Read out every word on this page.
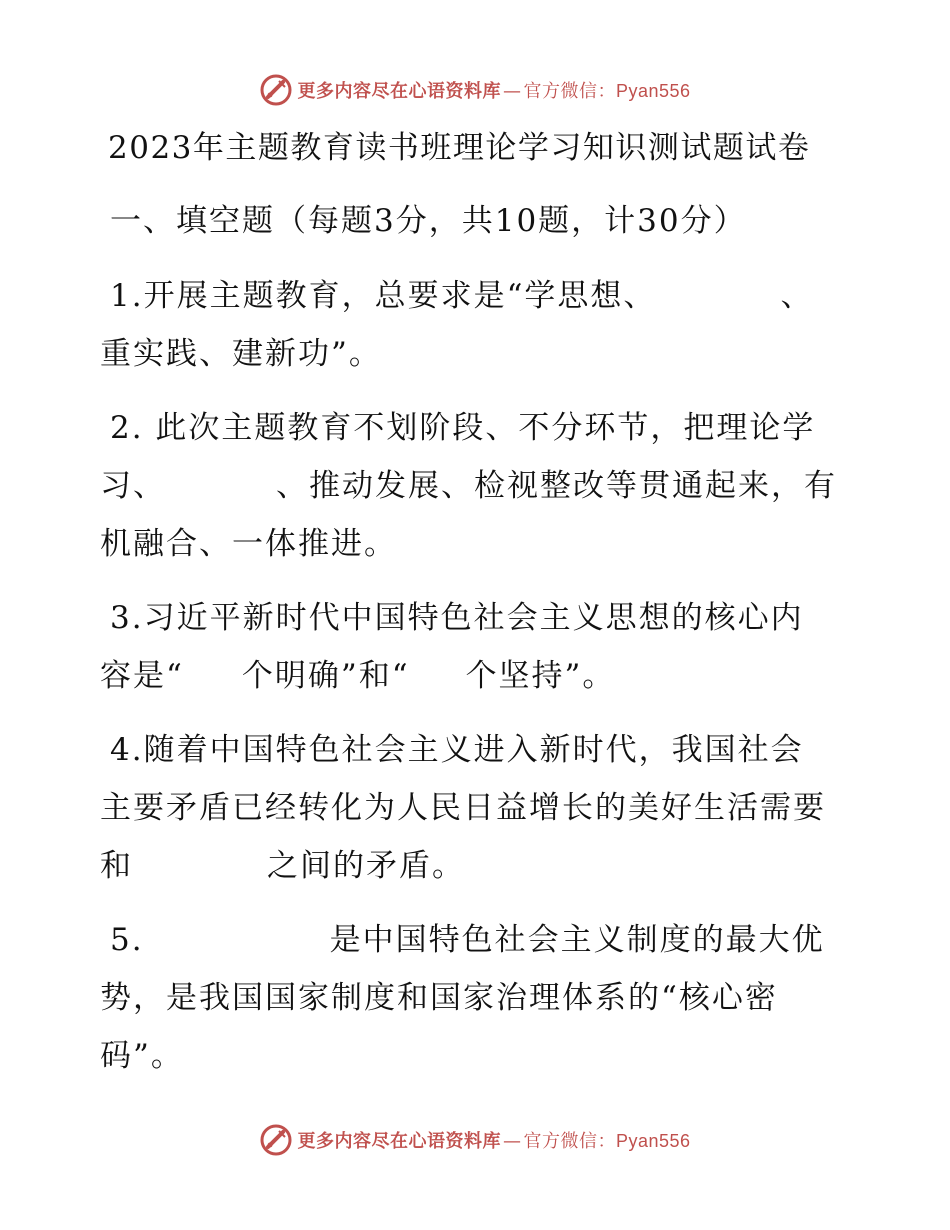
更多内容尽在心语资料库 — 官方微信：Pyan556
2023年主题教育读书班理论学习知识测试题试卷
一、填空题（每题3分，共10题，计30分）
1.开展主题教育，总要求是“学思想、	、
重实践、建新功”。
2. 此次主题教育不划阶段、不分环节，把理论学
习、	、推动发展、检视整改等贯通起来，有
机融合、一体推进。
3.习近平新时代中国特色社会主义思想的核心内
容是“ 个明确”和“ 个坚持”。
4.随着中国特色社会主义进入新时代，我国社会
主要矛盾已经转化为人民日益增长的美好生活需要
和	之间的矛盾。
5.	是中国特色社会主义制度的最大优
势，是我国国家制度和国家治理体系的“核心密
码”。
更多内容尽在心语资料库 — 官方微信：Pyan556
